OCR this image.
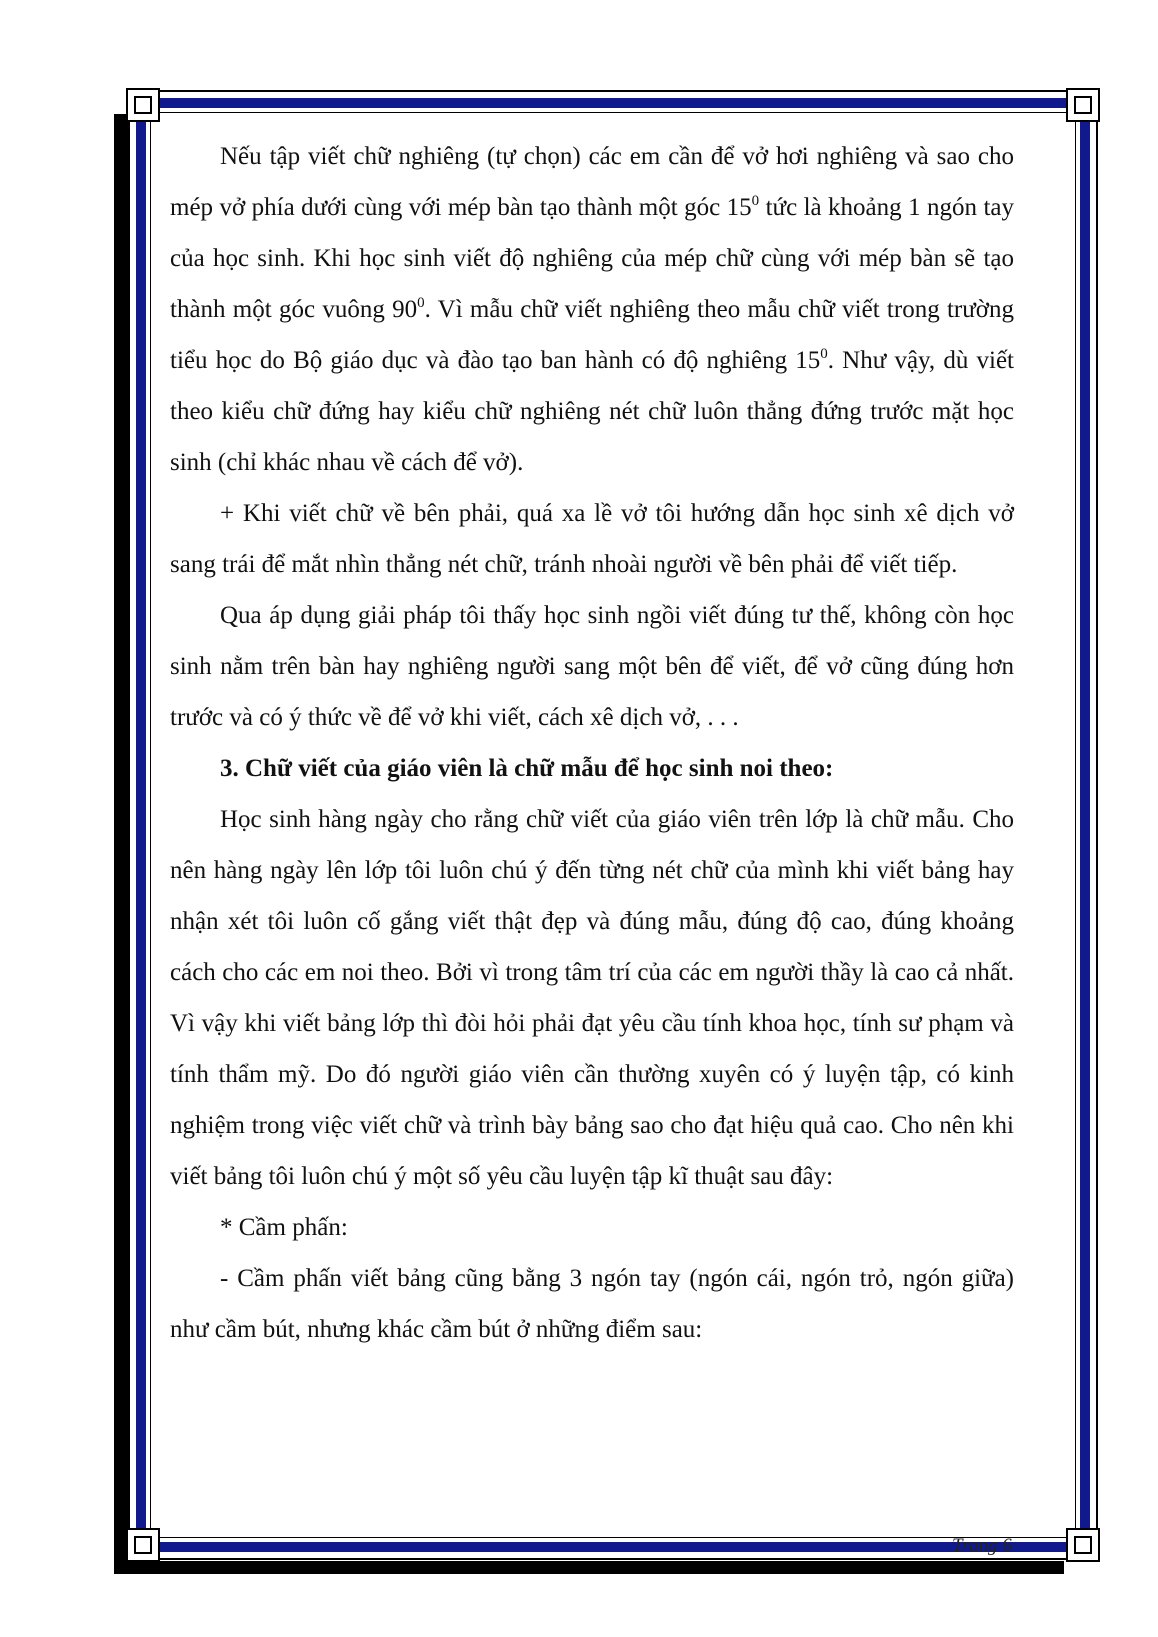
Nếu tập viết chữ nghiêng (tự chọn) các em cần để vở hơi nghiêng và sao cho mép vở phía dưới cùng với mép bàn tạo thành một góc $15^0$ tức là khoảng 1 ngón tay của học sinh. Khi học sinh viết độ nghiêng của mép chữ cùng với mép bàn sẽ tạo thành một góc vuông $90^0$. Vì mẫu chữ viết nghiêng theo mẫu chữ viết trong trường tiểu học do Bộ giáo dục và đào tạo ban hành có độ nghiêng $15^0$. Như vậy, dù viết theo kiểu chữ đứng hay kiểu chữ nghiêng nét chữ luôn thẳng đứng trước mặt học sinh (chỉ khác nhau về cách để vở).

+ Khi viết chữ về bên phải, quá xa lề vở tôi hướng dẫn học sinh xê dịch vở sang trái để mắt nhìn thẳng nét chữ, tránh nhoài người về bên phải để viết tiếp.

Qua áp dụng giải pháp tôi thấy học sinh ngồi viết đúng tư thế, không còn học sinh nằm trên bàn hay nghiêng người sang một bên để viết, để vở cũng đúng hơn trước và có ý thức về để vở khi viết, cách xê dịch vở, . . .

3. Chữ viết của giáo viên là chữ mẫu để học sinh noi theo:

Học sinh hàng ngày cho rằng chữ viết của giáo viên trên lớp là chữ mẫu. Cho nên hàng ngày lên lớp tôi luôn chú ý đến từng nét chữ của mình khi viết bảng hay nhận xét tôi luôn cố gắng viết thật đẹp và đúng mẫu, đúng độ cao, đúng khoảng cách cho các em noi theo. Bởi vì trong tâm trí của các em người thầy là cao cả nhất. Vì vậy khi viết bảng lớp thì đòi hỏi phải đạt yêu cầu tính khoa học, tính sư phạm và tính thẩm mỹ. Do đó người giáo viên cần thường xuyên có ý luyện tập, có kinh nghiệm trong việc viết chữ và trình bày bảng sao cho đạt hiệu quả cao. Cho nên khi viết bảng tôi luôn chú ý một số yêu cầu luyện tập kĩ thuật sau đây:

* Cầm phấn:

- Cầm phấn viết bảng cũng bằng 3 ngón tay (ngón cái, ngón trỏ, ngón giữa) như cầm bút, nhưng khác cầm bút ở những điểm sau:

Trang 6
